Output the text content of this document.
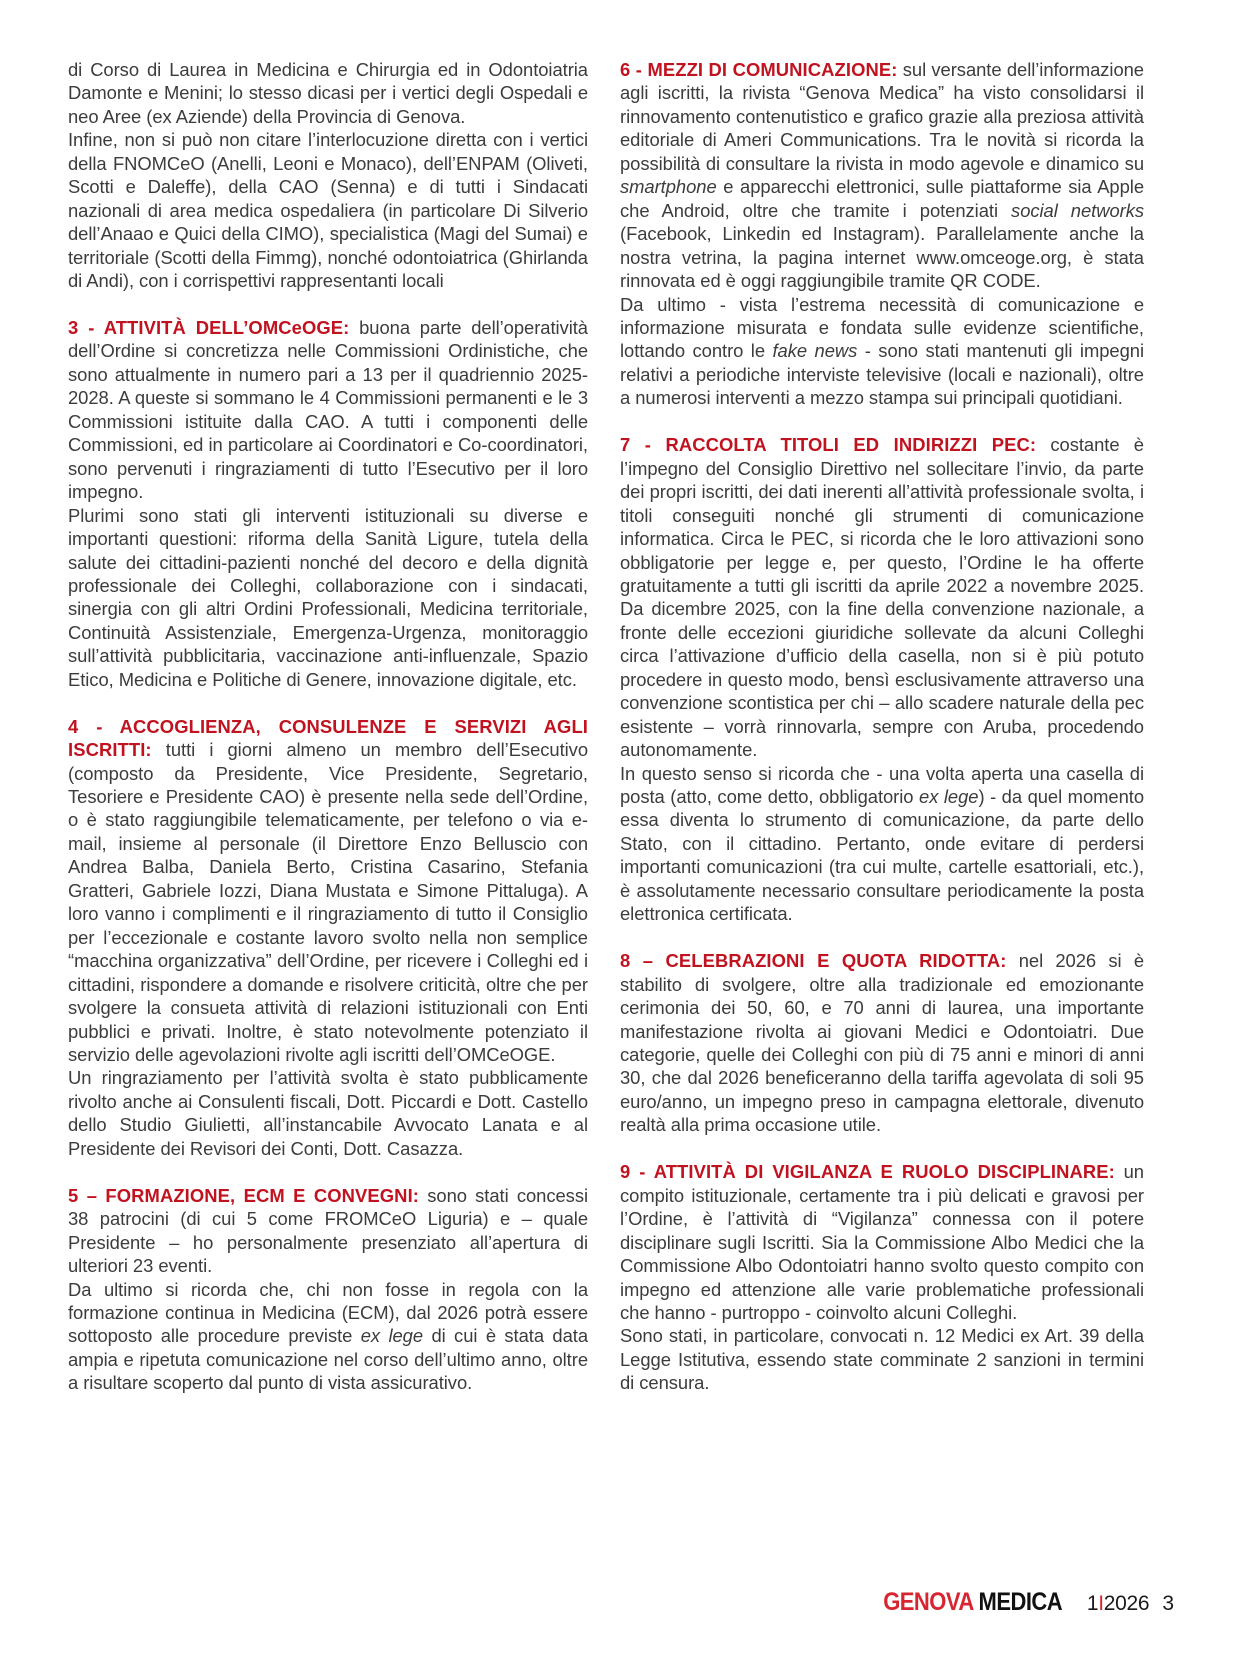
di Corso di Laurea in Medicina e Chirurgia ed in Odontoiatria Damonte e Menini; lo stesso dicasi per i vertici degli Ospedali e neo Aree (ex Aziende) della Provincia di Genova.

Infine, non si può non citare l’interlocuzione diretta con i vertici della FNOMCeO (Anelli, Leoni e Monaco), dell’ENPAM (Oliveti, Scotti e Daleffe), della CAO (Senna) e di tutti i Sindacati nazionali di area medica ospedaliera (in particolare Di Silverio dell’Anaao e Quici della CIMO), specialistica (Magi del Sumai) e territoriale (Scotti della Fimmg), nonché odontoiatrica (Ghirlanda di Andi), con i corrispettivi rappresentanti locali

3 - ATTIVITÀ DELL’OMCeOGE: buona parte dell’operatività dell’Ordine si concretizza nelle Commissioni Ordinistiche, che sono attualmente in numero pari a 13 per il quadriennio 2025-2028. A queste si sommano le 4 Commissioni permanenti e le 3 Commissioni istituite dalla CAO. A tutti i componenti delle Commissioni, ed in particolare ai Coordinatori e Co-coordinatori, sono pervenuti i ringraziamenti di tutto l’Esecutivo per il loro impegno.

Plurimi sono stati gli interventi istituzionali su diverse e importanti questioni: riforma della Sanità Ligure, tutela della salute dei cittadini-pazienti nonché del decoro e della dignità professionale dei Colleghi, collaborazione con i sindacati, sinergia con gli altri Ordini Professionali, Medicina territoriale, Continuità Assistenziale, Emergenza-Urgenza, monitoraggio sull’attività pubblicitaria, vaccinazione anti-influenzale, Spazio Etico, Medicina e Politiche di Genere, innovazione digitale, etc.

4 - ACCOGLIENZA, CONSULENZE E SERVIZI AGLI ISCRITTI: tutti i giorni almeno un membro dell’Esecutivo (composto da Presidente, Vice Presidente, Segretario, Tesoriere e Presidente CAO) è presente nella sede dell’Ordine, o è stato raggiungibile telematicamente, per telefono o via e-mail, insieme al personale (il Direttore Enzo Belluscio con Andrea Balba, Daniela Berto, Cristina Casarino, Stefania Gratteri, Gabriele Iozzi, Diana Mustata e Simone Pittaluga). A loro vanno i complimenti e il ringraziamento di tutto il Consiglio per l’eccezionale e costante lavoro svolto nella non semplice “macchina organizzativa” dell’Ordine, per ricevere i Colleghi ed i cittadini, rispondere a domande e risolvere criticità, oltre che per svolgere la consueta attività di relazioni istituzionali con Enti pubblici e privati. Inoltre, è stato notevolmente potenziato il servizio delle agevolazioni rivolte agli iscritti dell’OMCeOGE.

Un ringraziamento per l’attività svolta è stato pubblicamente rivolto anche ai Consulenti fiscali, Dott. Piccardi e Dott. Castello dello Studio Giulietti, all’instancabile Avvocato Lanata e al Presidente dei Revisori dei Conti, Dott. Casazza.

5 – FORMAZIONE, ECM E CONVEGNI: sono stati concessi 38 patrocini (di cui 5 come FROMCeO Liguria) e – quale Presidente – ho personalmente presenziato all’apertura di ulteriori 23 eventi.

Da ultimo si ricorda che, chi non fosse in regola con la formazione continua in Medicina (ECM), dal 2026 potrà essere sottoposto alle procedure previste ex lege di cui è stata data ampia e ripetuta comunicazione nel corso dell’ultimo anno, oltre a risultare scoperto dal punto di vista assicurativo.

6 - MEZZI DI COMUNICAZIONE: sul versante dell’informazione agli iscritti, la rivista “Genova Medica” ha visto consolidarsi il rinnovamento contenutistico e grafico grazie alla preziosa attività editoriale di Ameri Communications. Tra le novità si ricorda la possibilità di consultare la rivista in modo agevole e dinamico su smartphone e apparecchi elettronici, sulle piattaforme sia Apple che Android, oltre che tramite i potenziati social networks (Facebook, Linkedin ed Instagram). Parallelamente anche la nostra vetrina, la pagina internet www.omceoge.org, è stata rinnovata ed è oggi raggiungibile tramite QR CODE.

Da ultimo - vista l’estrema necessità di comunicazione e informazione misurata e fondata sulle evidenze scientifiche, lottando contro le fake news - sono stati mantenuti gli impegni relativi a periodiche interviste televisive (locali e nazionali), oltre a numerosi interventi a mezzo stampa sui principali quotidiani.

7 - RACCOLTA TITOLI ED INDIRIZZI PEC: costante è l’impegno del Consiglio Direttivo nel sollecitare l’invio, da parte dei propri iscritti, dei dati inerenti all’attività professionale svolta, i titoli conseguiti nonché gli strumenti di comunicazione informatica. Circa le PEC, si ricorda che le loro attivazioni sono obbligatorie per legge e, per questo, l’Ordine le ha offerte gratuitamente a tutti gli iscritti da aprile 2022 a novembre 2025. Da dicembre 2025, con la fine della convenzione nazionale, a fronte delle eccezioni giuridiche sollevate da alcuni Colleghi circa l’attivazione d’ufficio della casella, non si è più potuto procedere in questo modo, bensì esclusivamente attraverso una convenzione scontistica per chi – allo scadere naturale della pec esistente – vorrà rinnovarla, sempre con Aruba, procedendo autonomamente.

In questo senso si ricorda che - una volta aperta una casella di posta (atto, come detto, obbligatorio ex lege) - da quel momento essa diventa lo strumento di comunicazione, da parte dello Stato, con il cittadino. Pertanto, onde evitare di perdersi importanti comunicazioni (tra cui multe, cartelle esattoriali, etc.), è assolutamente necessario consultare periodicamente la posta elettronica certificata.

8 – CELEBRAZIONI E QUOTA RIDOTTA: nel 2026 si è stabilito di svolgere, oltre alla tradizionale ed emozionante cerimonia dei 50, 60, e 70 anni di laurea, una importante manifestazione rivolta ai giovani Medici e Odontoiatri. Due categorie, quelle dei Colleghi con più di 75 anni e minori di anni 30, che dal 2026 beneficeranno della tariffa agevolata di soli 95 euro/anno, un impegno preso in campagna elettorale, divenuto realtà alla prima occasione utile.

9 - ATTIVITÀ DI VIGILANZA E RUOLO DISCIPLINARE: un compito istituzionale, certamente tra i più delicati e gravosi per l’Ordine, è l’attività di “Vigilanza” connessa con il potere disciplinare sugli Iscritti. Sia la Commissione Albo Medici che la Commissione Albo Odontoiatri hanno svolto questo compito con impegno ed attenzione alle varie problematiche professionali che hanno - purtroppo - coinvolto alcuni Colleghi.

Sono stati, in particolare, convocati n. 12 Medici ex Art. 39 della Legge Istitutiva, essendo state comminate 2 sanzioni in termini di censura.

GENOVA MEDICA 1I2026 3
